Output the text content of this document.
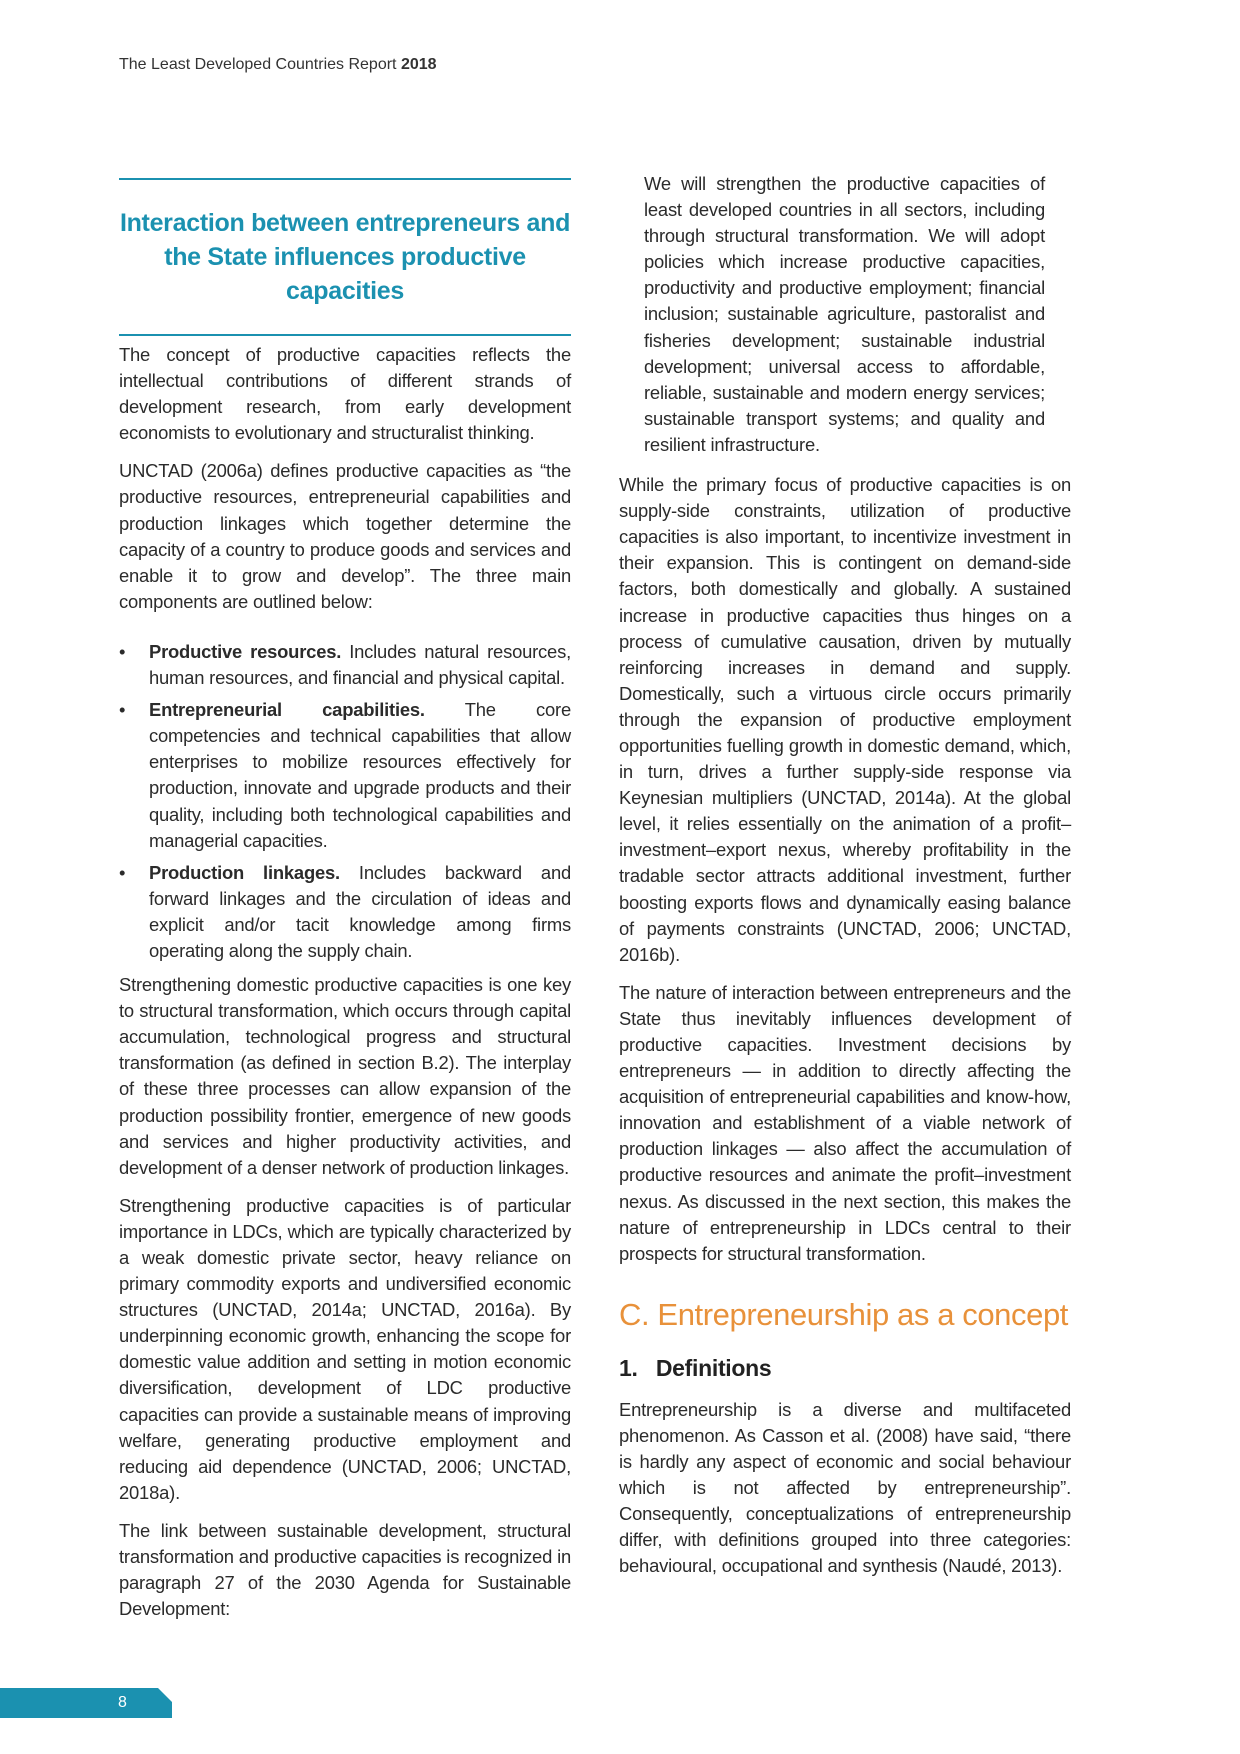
The Least Developed Countries Report 2018
Interaction between entrepreneurs and
the State influences productive capacities

The concept of productive capacities reflects the intellectual contributions of different strands of development research, from early development economists to evolutionary and structuralist thinking.

UNCTAD (2006a) defines productive capacities as “the productive resources, entrepreneurial capabilities and production linkages which together determine the capacity of a country to produce goods and services and enable it to grow and develop”. The three main components are outlined below:

• Productive resources. Includes natural resources, human resources, and financial and physical capital.
• Entrepreneurial capabilities. The core competencies and technical capabilities that allow enterprises to mobilize resources effectively for production, innovate and upgrade products and their quality, including both technological capabilities and managerial capacities.
• Production linkages. Includes backward and forward linkages and the circulation of ideas and explicit and/or tacit knowledge among firms operating along the supply chain.

Strengthening domestic productive capacities is one key to structural transformation, which occurs through capital accumulation, technological progress and structural transformation (as defined in section B.2). The interplay of these three processes can allow expansion of the production possibility frontier, emergence of new goods and services and higher productivity activities, and development of a denser network of production linkages.

Strengthening productive capacities is of particular importance in LDCs, which are typically characterized by a weak domestic private sector, heavy reliance on primary commodity exports and undiversified economic structures (UNCTAD, 2014a; UNCTAD, 2016a). By underpinning economic growth, enhancing the scope for domestic value addition and setting in motion economic diversification, development of LDC productive capacities can provide a sustainable means of improving welfare, generating productive employment and reducing aid dependence (UNCTAD, 2006; UNCTAD, 2018a).

The link between sustainable development, structural transformation and productive capacities is recognized in paragraph 27 of the 2030 Agenda for Sustainable Development:

We will strengthen the productive capacities of least developed countries in all sectors, including through structural transformation. We will adopt policies which increase productive capacities, productivity and productive employment; financial inclusion; sustainable agriculture, pastoralist and fisheries development; sustainable industrial development; universal access to affordable, reliable, sustainable and modern energy services; sustainable transport systems; and quality and resilient infrastructure.

While the primary focus of productive capacities is on supply-side constraints, utilization of productive capacities is also important, to incentivize investment in their expansion. This is contingent on demand-side factors, both domestically and globally. A sustained increase in productive capacities thus hinges on a process of cumulative causation, driven by mutually reinforcing increases in demand and supply. Domestically, such a virtuous circle occurs primarily through the expansion of productive employment opportunities fuelling growth in domestic demand, which, in turn, drives a further supply-side response via Keynesian multipliers (UNCTAD, 2014a). At the global level, it relies essentially on the animation of a profit–investment–export nexus, whereby profitability in the tradable sector attracts additional investment, further boosting exports flows and dynamically easing balance of payments constraints (UNCTAD, 2006; UNCTAD, 2016b).

The nature of interaction between entrepreneurs and the State thus inevitably influences development of productive capacities. Investment decisions by entrepreneurs — in addition to directly affecting the acquisition of entrepreneurial capabilities and know-how, innovation and establishment of a viable network of production linkages — also affect the accumulation of productive resources and animate the profit–investment nexus. As discussed in the next section, this makes the nature of entrepreneurship in LDCs central to their prospects for structural transformation.

C. Entrepreneurship as a concept
1.   Definitions

Entrepreneurship is a diverse and multifaceted phenomenon. As Casson et al. (2008) have said, “there is hardly any aspect of economic and social behaviour which is not affected by entrepreneurship”. Consequently, conceptualizations of entrepreneurship differ, with definitions grouped into three categories: behavioural, occupational and synthesis (Naudé, 2013).

8
